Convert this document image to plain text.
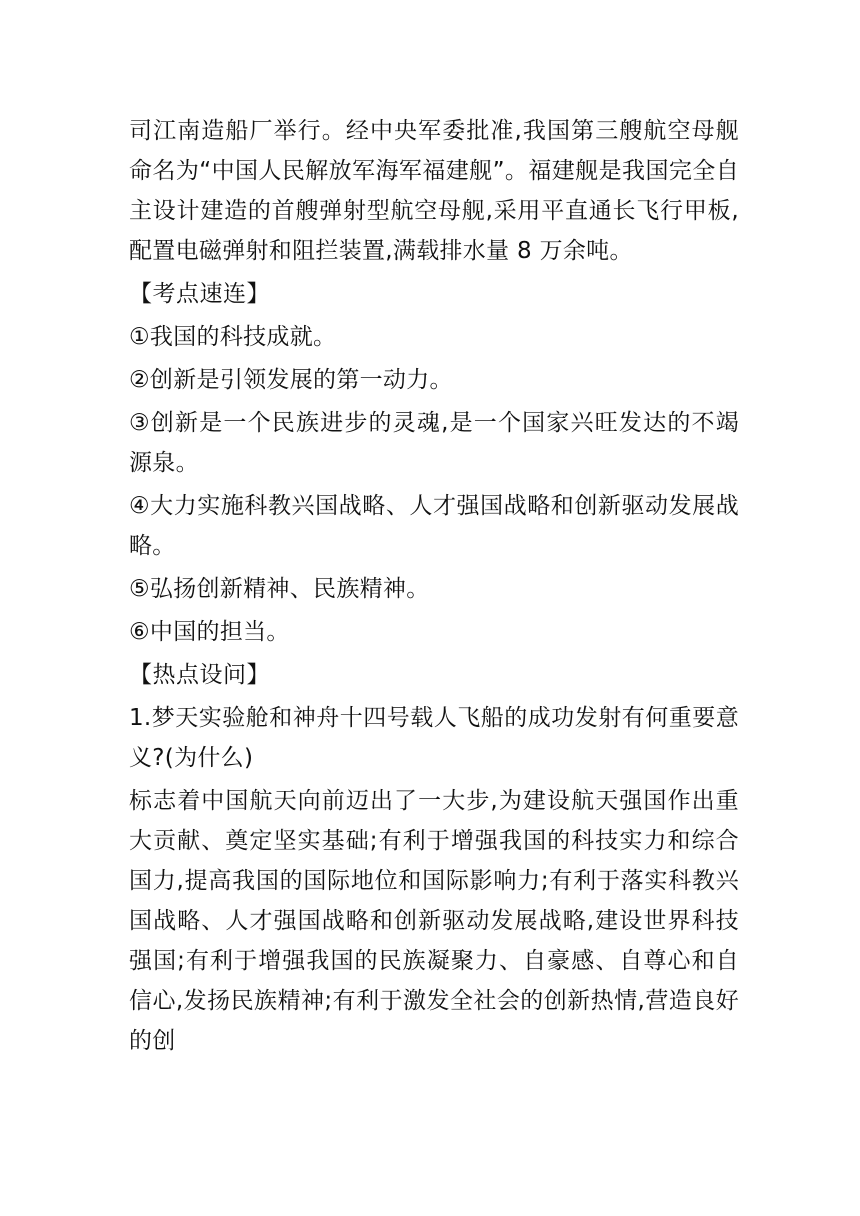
司江南造船厂举行。经中央军委批准,我国第三艘航空母舰命名为“中国人民解放军海军福建舰”。福建舰是我国完全自主设计建造的首艘弹射型航空母舰,采用平直通长飞行甲板,配置电磁弹射和阻拦装置,满载排水量 8 万余吨。

【考点速连】

①我国的科技成就。

②创新是引领发展的第一动力。

③创新是一个民族进步的灵魂,是一个国家兴旺发达的不竭源泉。

④大力实施科教兴国战略、人才强国战略和创新驱动发展战略。

⑤弘扬创新精神、民族精神。

⑥中国的担当。

【热点设问】

1.梦天实验舱和神舟十四号载人飞船的成功发射有何重要意义?(为什么)

标志着中国航天向前迈出了一大步,为建设航天强国作出重大贡献、奠定坚实基础;有利于增强我国的科技实力和综合国力,提高我国的国际地位和国际影响力;有利于落实科教兴国战略、人才强国战略和创新驱动发展战略,建设世界科技强国;有利于增强我国的民族凝聚力、自豪感、自尊心和自信心,发扬民族精神;有利于激发全社会的创新热情,营造良好的创
